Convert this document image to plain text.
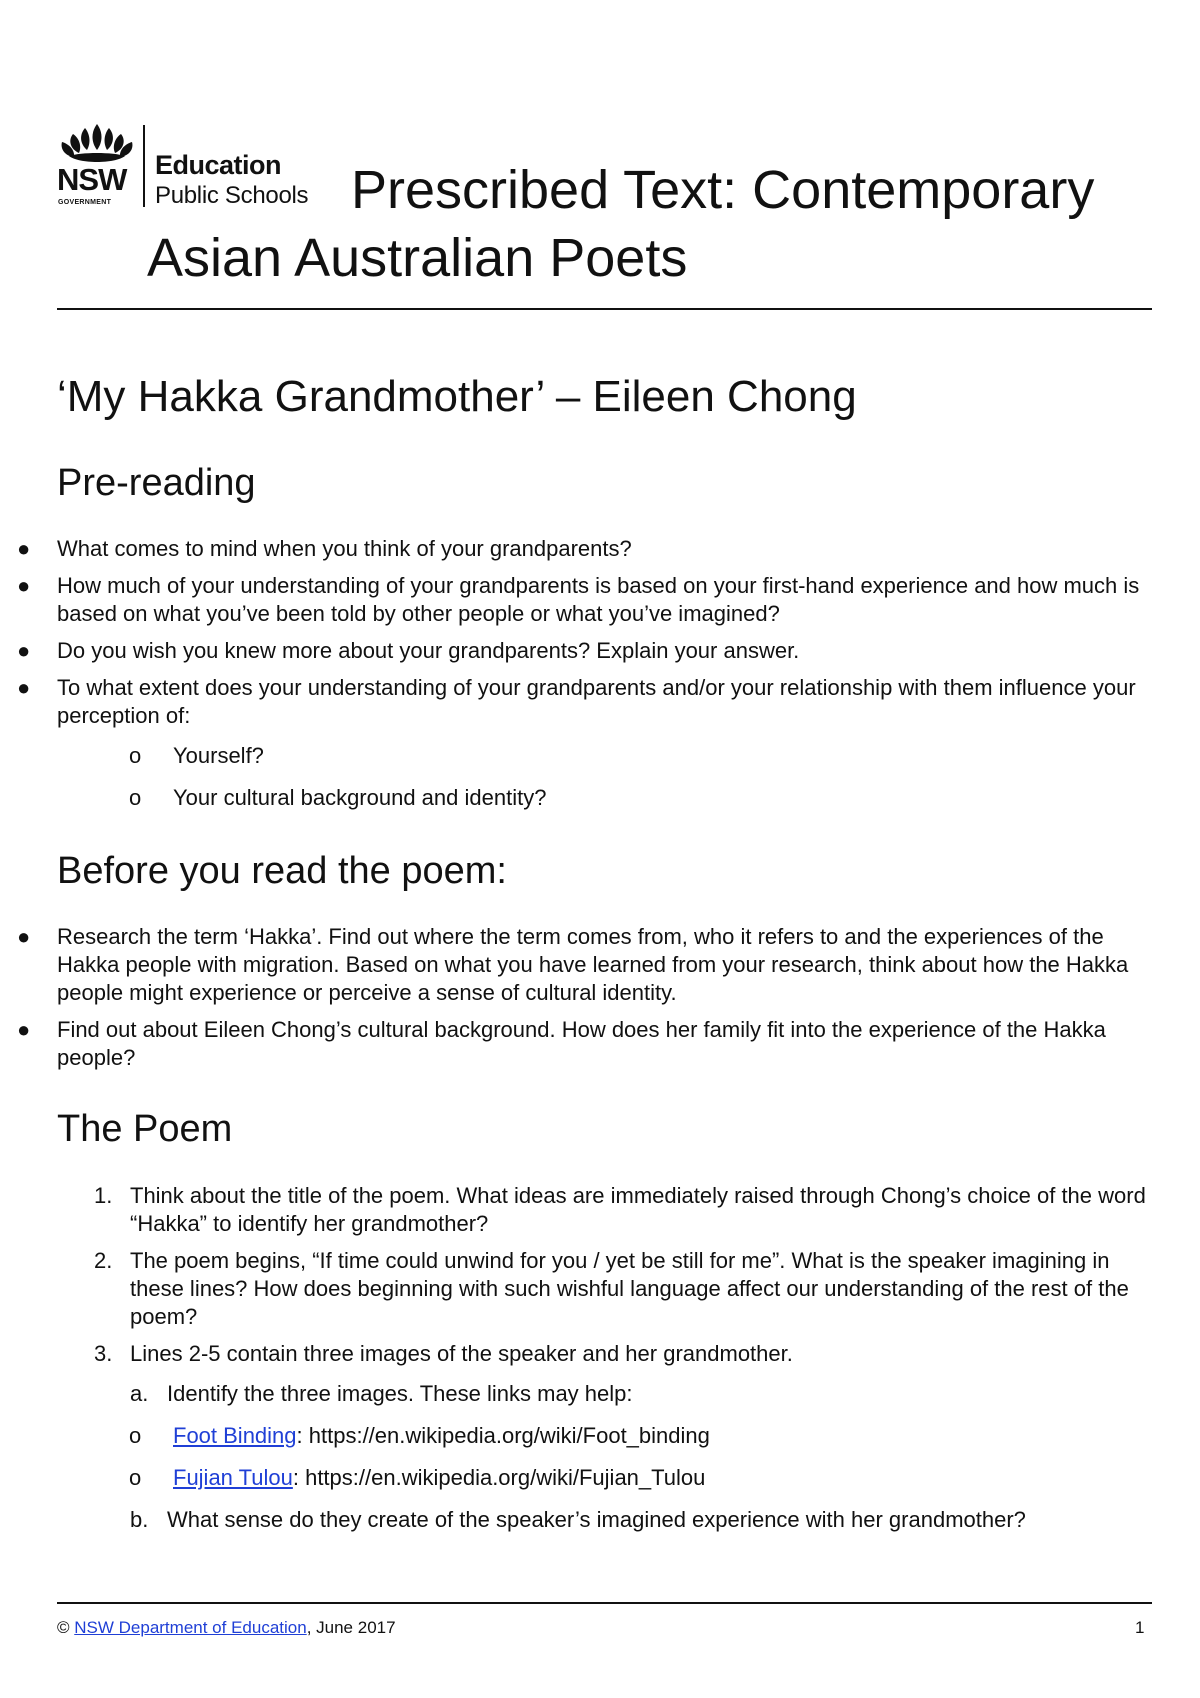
NSW
GOVERNMENT
Education
Public Schools Prescribed Text: Contemporary
Asian Australian Poets
‘My Hakka Grandmother’ – Eileen Chong
Pre-reading
● What comes to mind when you think of your grandparents?
● How much of your understanding of your grandparents is based on your first-hand experience and how much is based on what you’ve been told by other people or what you’ve imagined?
● Do you wish you knew more about your grandparents? Explain your answer.
● To what extent does your understanding of your grandparents and/or your relationship with them influence your perception of:
o Yourself?
o Your cultural background and identity?
Before you read the poem:
● Research the term ‘Hakka’. Find out where the term comes from, who it refers to and the experiences of the Hakka people with migration. Based on what you have learned from your research, think about how the Hakka people might experience or perceive a sense of cultural identity.
● Find out about Eileen Chong’s cultural background. How does her family fit into the experience of the Hakka people?
The Poem
1. Think about the title of the poem. What ideas are immediately raised through Chong’s choice of the word “Hakka” to identify her grandmother?
2. The poem begins, “If time could unwind for you / yet be still for me”. What is the speaker imagining in these lines? How does beginning with such wishful language affect our understanding of the rest of the poem?
3. Lines 2-5 contain three images of the speaker and her grandmother.
a. Identify the three images. These links may help:
o Foot Binding: https://en.wikipedia.org/wiki/Foot_binding
o Fujian Tulou: https://en.wikipedia.org/wiki/Fujian_Tulou
b. What sense do they create of the speaker’s imagined experience with her grandmother?
© NSW Department of Education, June 2017	1
